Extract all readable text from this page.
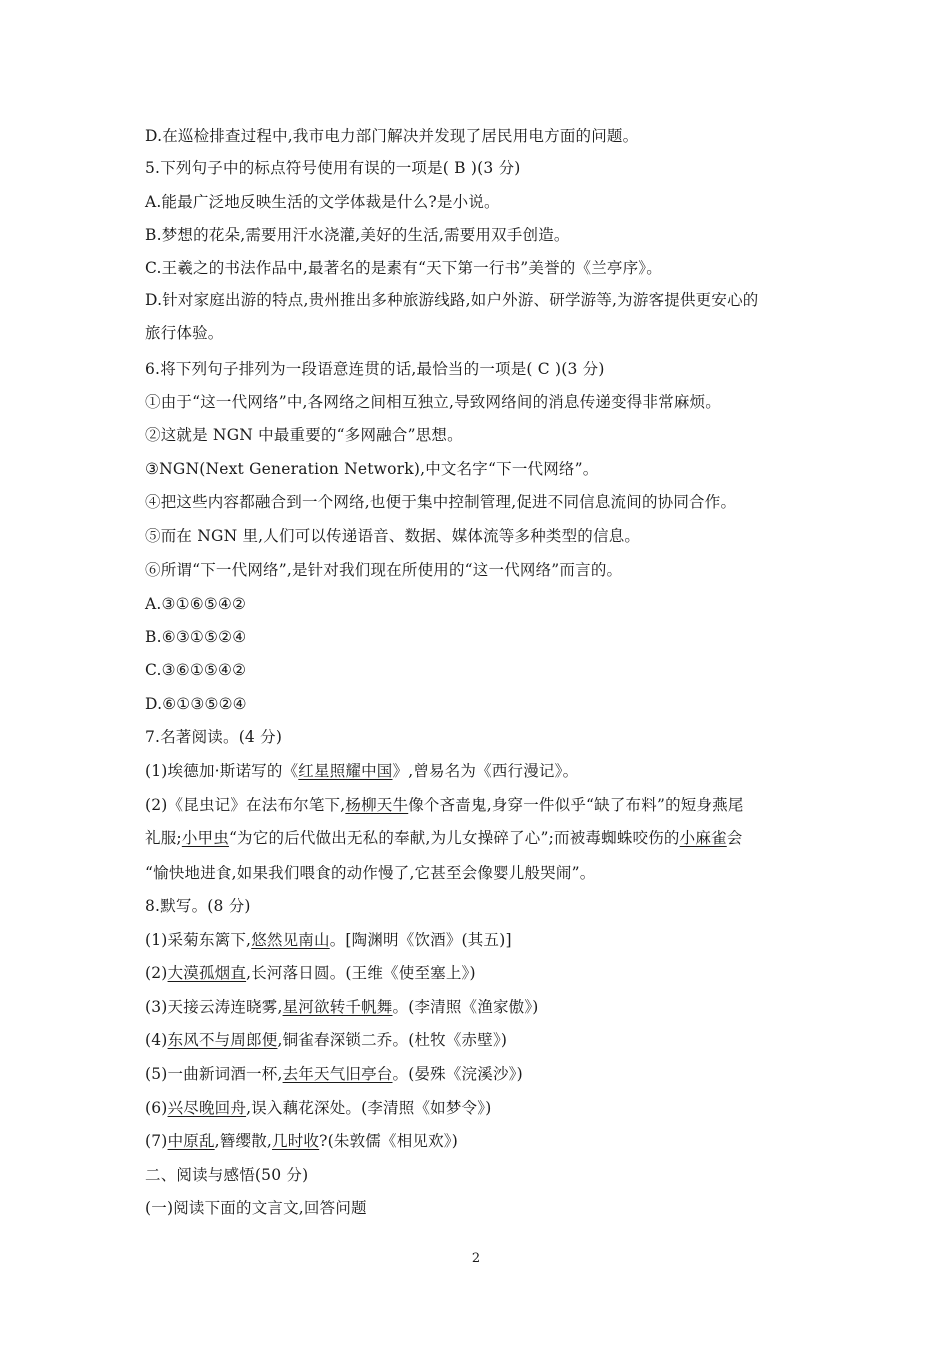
D.在巡检排查过程中,我市电力部门解决并发现了居民用电方面的问题。
5.下列句子中的标点符号使用有误的一项是( B )(3 分)
A.能最广泛地反映生活的文学体裁是什么?是小说。
B.梦想的花朵,需要用汗水浇灌,美好的生活,需要用双手创造。
C.王羲之的书法作品中,最著名的是素有“天下第一行书”美誉的《兰亭序》。
D.针对家庭出游的特点,贵州推出多种旅游线路,如户外游、研学游等,为游客提供更安心的
旅行体验。
6.将下列句子排列为一段语意连贯的话,最恰当的一项是( C )(3 分)
①由于“这一代网络”中,各网络之间相互独立,导致网络间的消息传递变得非常麻烦。
②这就是 NGN 中最重要的“多网融合”思想。
③NGN(Next Generation Network),中文名字“下一代网络”。
④把这些内容都融合到一个网络,也便于集中控制管理,促进不同信息流间的协同合作。
⑤而在 NGN 里,人们可以传递语音、数据、媒体流等多种类型的信息。
⑥所谓“下一代网络”,是针对我们现在所使用的“这一代网络”而言的。
A.③①⑥⑤④②
B.⑥③①⑤②④
C.③⑥①⑤④②
D.⑥①③⑤②④
7.名著阅读。(4 分)
(1)埃德加·斯诺写的《红星照耀中国》,曾易名为《西行漫记》。
(2)《昆虫记》在法布尔笔下,杨柳天牛像个吝啬鬼,身穿一件似乎“缺了布料”的短身燕尾
礼服;小甲虫“为它的后代做出无私的奉献,为儿女操碎了心”;而被毒蜘蛛咬伤的小麻雀会
“愉快地进食,如果我们喂食的动作慢了,它甚至会像婴儿般哭闹”。
8.默写。(8 分)
(1)采菊东篱下,悠然见南山。[陶渊明《饮酒》(其五)]
(2)大漠孤烟直,长河落日圆。(王维《使至塞上》)
(3)天接云涛连晓雾,星河欲转千帆舞。(李清照《渔家傲》)
(4)东风不与周郎便,铜雀春深锁二乔。(杜牧《赤壁》)
(5)一曲新词酒一杯,去年天气旧亭台。(晏殊《浣溪沙》)
(6)兴尽晚回舟,误入藕花深处。(李清照《如梦令》)
(7)中原乱,簪缨散,几时收?(朱敦儒《相见欢》)
二、阅读与感悟(50 分)
(一)阅读下面的文言文,回答问题
2
